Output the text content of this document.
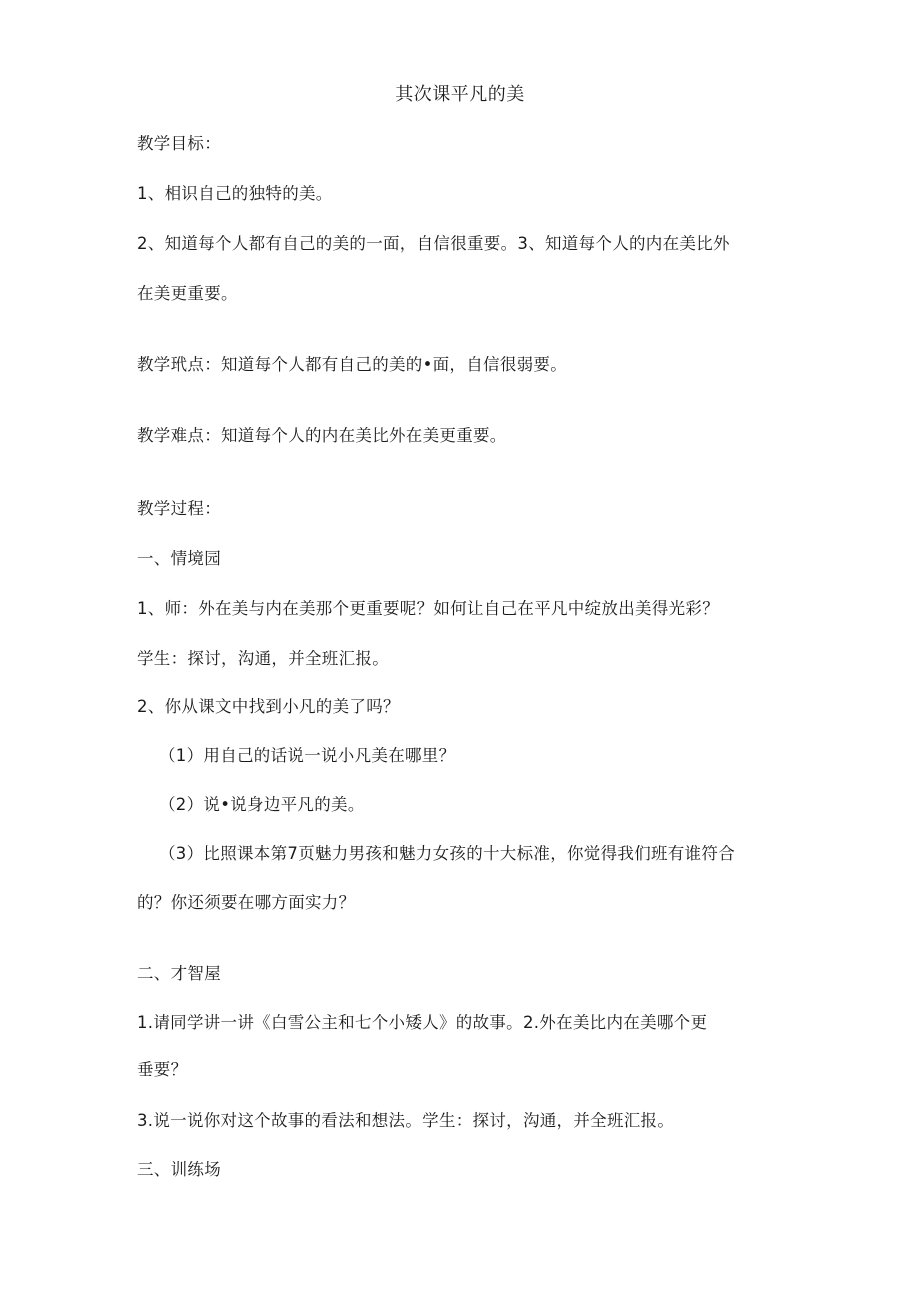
其次课平凡的美
教学目标：
1、相识自己的独特的美。
2、知道每个人都有自己的美的一面，自信很重要。3、知道每个人的内在美比外
在美更重要。
教学玳点：知道每个人都有自己的美的•面，自信很弱要。
教学难点：知道每个人的内在美比外在美更重要。
教学过程：
一、情境园
1、师：外在美与内在美那个更重要呢？如何让自己在平凡中绽放出美得光彩？
学生：探讨，沟通，并全班汇报。
2、你从课文中找到小凡的美了吗？
（1）用自己的话说一说小凡美在哪里？
（2）说•说身边平凡的美。
（3）比照课本第7页魅力男孩和魅力女孩的十大标准，你觉得我们班有谁符合
的？你还须要在哪方面实力？
二、才智屋
1.请同学讲一讲《白雪公主和七个小矮人》的故事。2.外在美比内在美哪个更
垂要？
3.说一说你对这个故事的看法和想法。学生：探讨，沟通，并全班汇报。
三、训练场
